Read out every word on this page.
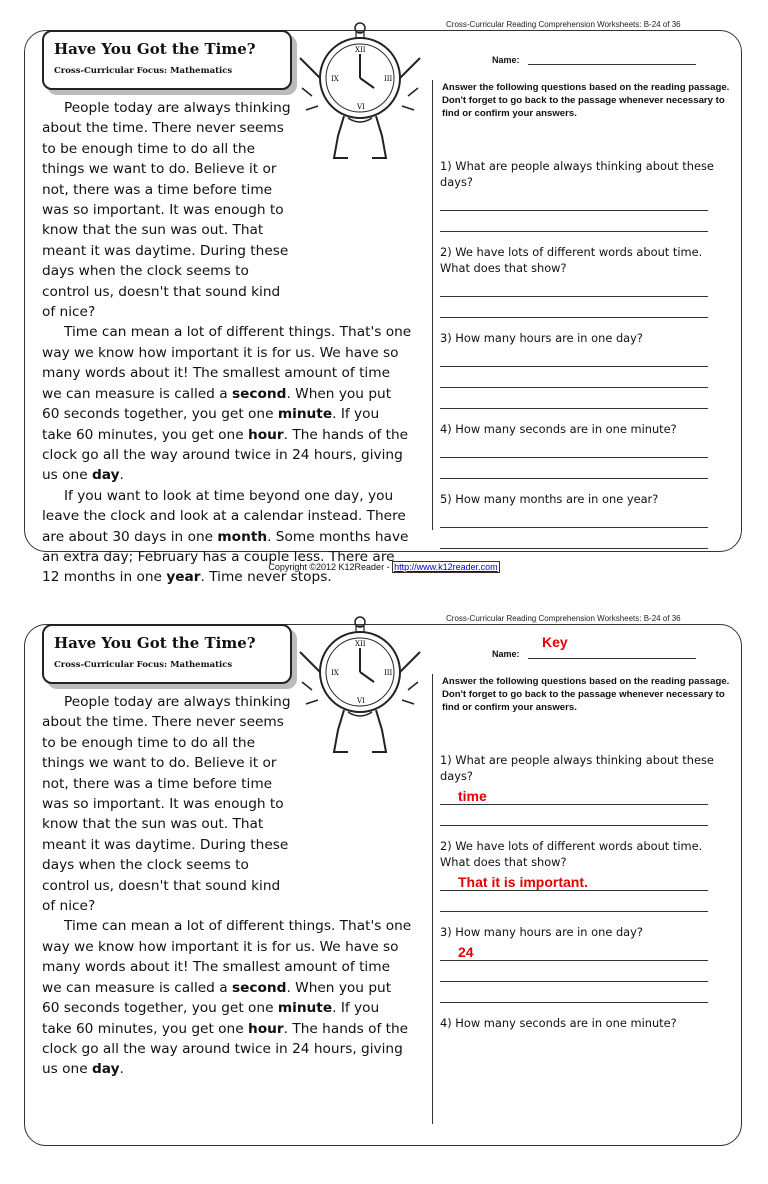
Cross-Curricular Reading Comprehension Worksheets: B-24 of 36
Have You Got the Time?
Cross-Curricular Focus: Mathematics
XII
III
VI
IX
Name:
Answer the following questions based on the reading passage. Don't forget to go back to the passage whenever necessary to find or confirm your answers.

People today are always thinking about the time. There never seems to be enough time to do all the things we want to do. Believe it or not, there was a time before time was so important. It was enough to know that the sun was out. That meant it was daytime. During these days when the clock seems to control us, doesn't that sound kind of nice?

Time can mean a lot of different things. That's one way we know how important it is for us. We have so many words about it! The smallest amount of time we can measure is called a second. When you put 60 seconds together, you get one minute. If you take 60 minutes, you get one hour. The hands of the clock go all the way around twice in 24 hours, giving us one day.

If you want to look at time beyond one day, you leave the clock and look at a calendar instead. There are about 30 days in one month. Some months have an extra day; February has a couple less. There are 12 months in one year. Time never stops.

1) What are people always thinking about these days?
2) We have lots of different words about time. What does that show?
3) How many hours are in one day?
4) How many seconds are in one minute?
5) How many months are in one year?
Copyright ©2012 K12Reader - http://www.k12reader.com
Cross-Curricular Reading Comprehension Worksheets: B-24 of 36
Have You Got the Time?
Cross-Curricular Focus: Mathematics
XII
III
VI
IX
Name:
Key
Answer the following questions based on the reading passage. Don't forget to go back to the passage whenever necessary to find or confirm your answers.

People today are always thinking about the time. There never seems to be enough time to do all the things we want to do. Believe it or not, there was a time before time was so important. It was enough to know that the sun was out. That meant it was daytime. During these days when the clock seems to control us, doesn't that sound kind of nice?

Time can mean a lot of different things. That's one way we know how important it is for us. We have so many words about it! The smallest amount of time we can measure is called a second. When you put 60 seconds together, you get one minute. If you take 60 minutes, you get one hour. The hands of the clock go all the way around twice in 24 hours, giving us one day.

1) What are people always thinking about these days?
time
2) We have lots of different words about time. What does that show?
That it is important.
3) How many hours are in one day?
24
4) How many seconds are in one minute?
